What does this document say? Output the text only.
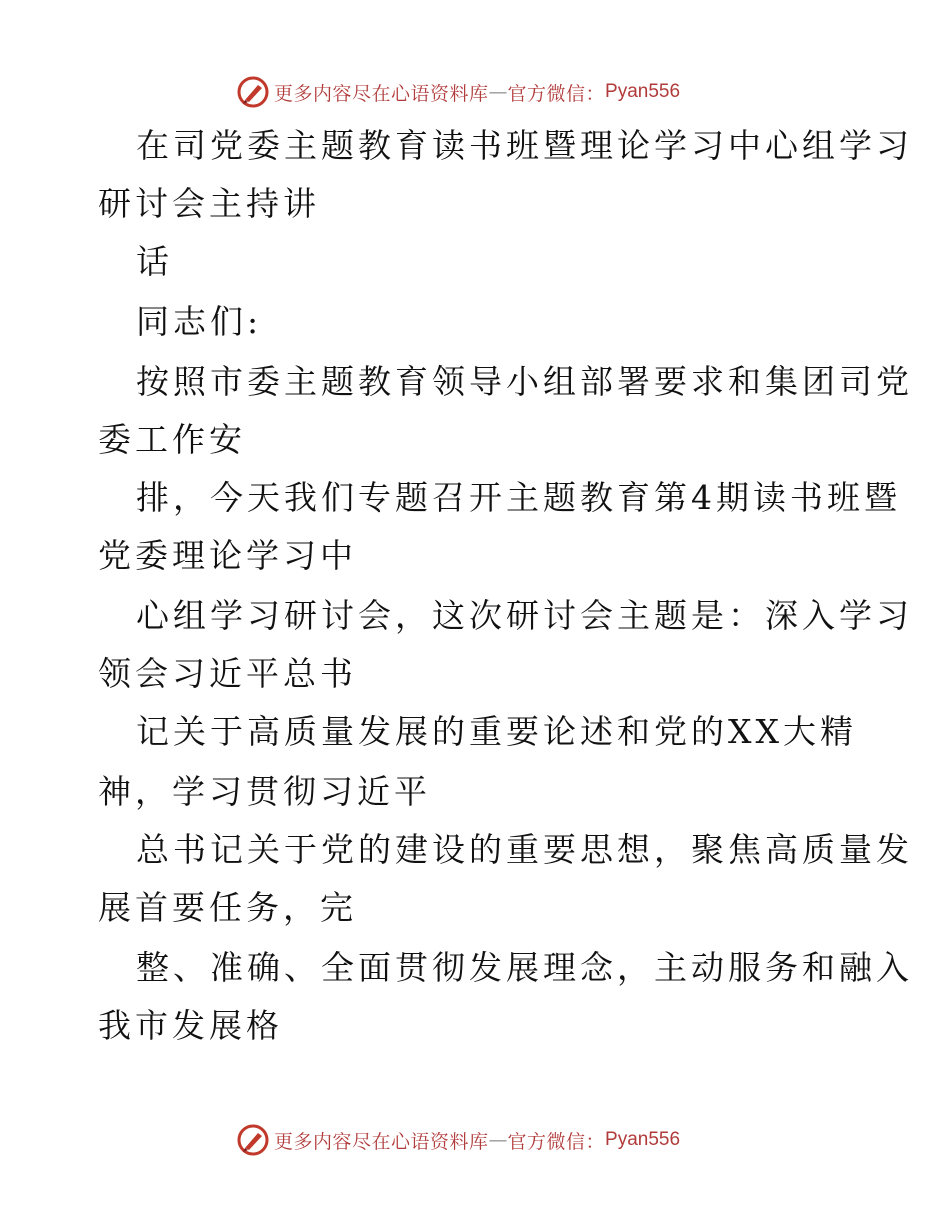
更多内容尽在心语资料库 — 官方微信： Pyan556
在司党委主题教育读书班暨理论学习中心组学习
研讨会主持讲
话
同志们:
按照市委主题教育领导小组部署要求和集团司党
委工作安
排，今天我们专题召开主题教育第4期读书班暨
党委理论学习中
心组学习研讨会，这次研讨会主题是：深入学习
领会习近平总书
记关于高质量发展的重要论述和党的XX大精
神，学习贯彻习近平
总书记关于党的建设的重要思想，聚焦高质量发
展首要任务，完
整、准确、全面贯彻发展理念，主动服务和融入
我市发展格
更多内容尽在心语资料库 — 官方微信： Pyan556
